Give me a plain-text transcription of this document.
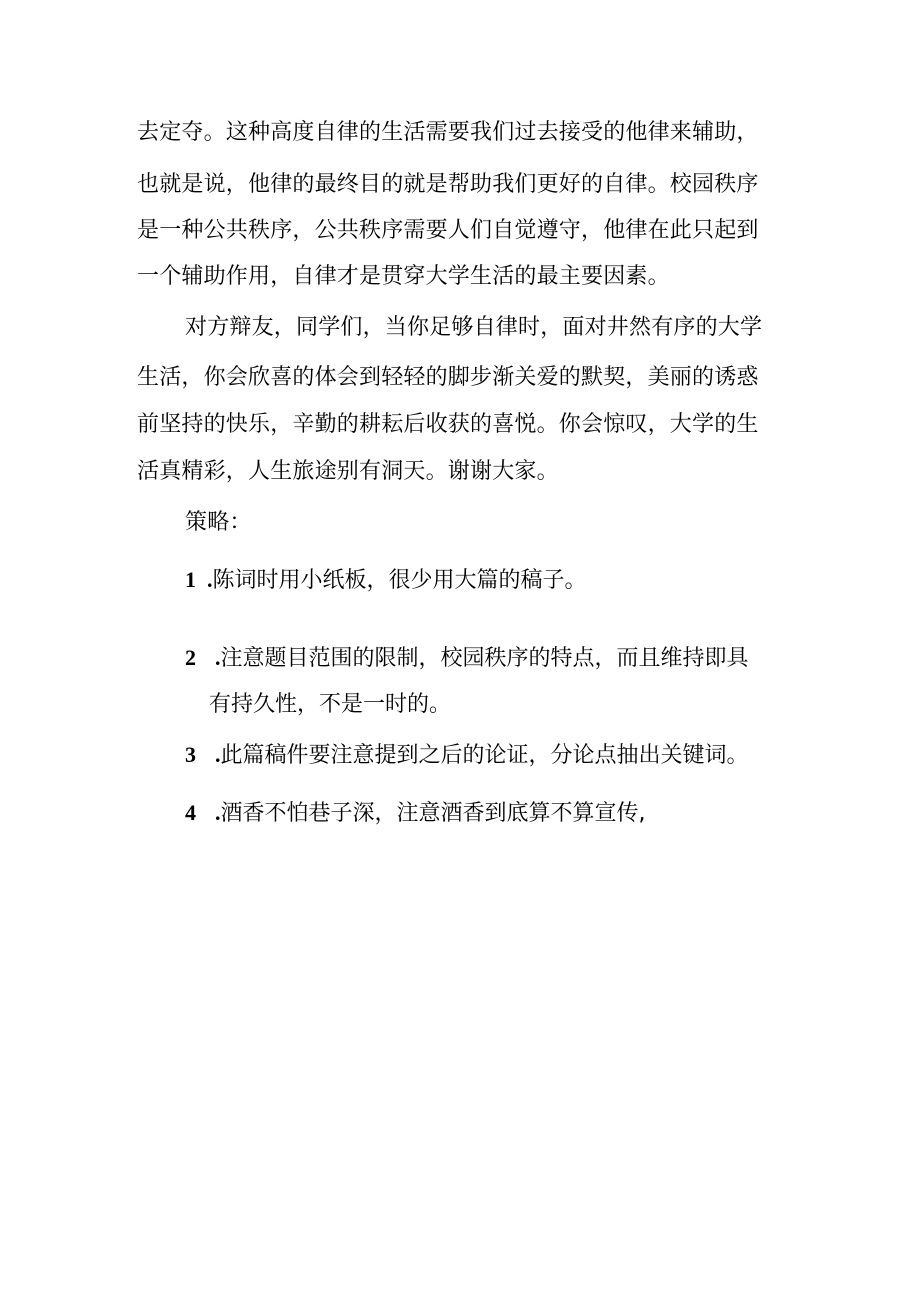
去定夺。这种高度自律的生活需要我们过去接受的他律来辅助，
也就是说，他律的最终目的就是帮助我们更好的自律。校园秩序
是一种公共秩序，公共秩序需要人们自觉遵守，他律在此只起到
一个辅助作用，自律才是贯穿大学生活的最主要因素。
对方辩友，同学们，当你足够自律时，面对井然有序的大学
生活，你会欣喜的体会到轻轻的脚步渐关爱的默契，美丽的诱惑
前坚持的快乐，辛勤的耕耘后收获的喜悦。你会惊叹，大学的生
活真精彩，人生旅途别有洞天。谢谢大家。
策略：
1 .陈词时用小纸板，很少用大篇的稿子。
2 .注意题目范围的限制，校园秩序的特点，而且维持即具
有持久性，不是一时的。
3 .此篇稿件要注意提到之后的论证，分论点抽出关键词。
4 .酒香不怕巷子深，注意酒香到底算不算宣传,
